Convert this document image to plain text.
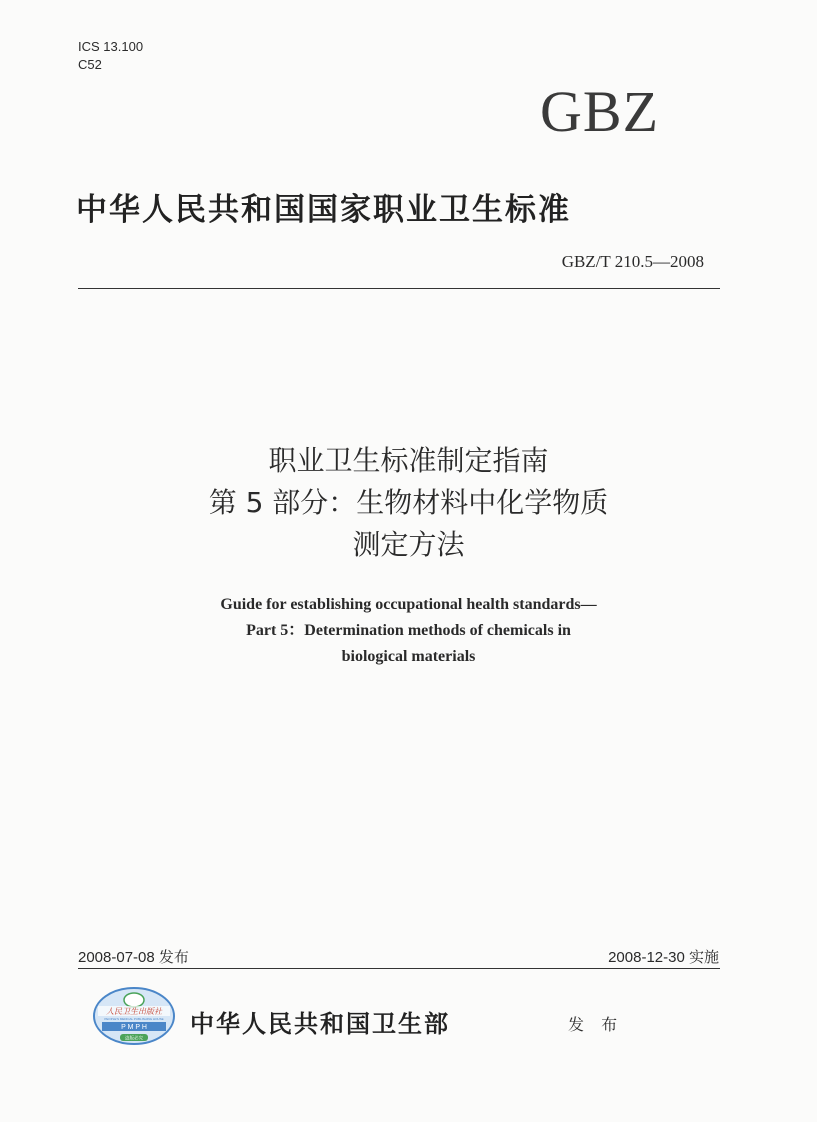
ICS 13.100
C52
GBZ
中华人民共和国国家职业卫生标准
GBZ/T 210.5—2008
职业卫生标准制定指南
第 5 部分：生物材料中化学物质
测定方法
Guide for establishing occupational health standards—
Part 5：Determination methods of chemicals in
biological materials
2008-07-08 发布	2008-12-30 实施
人民卫生出版社
PEOPLE'S MEDICAL PUBLISHING HOUSE
P M P H
盗版必究
中华人民共和国卫生部	发 布
